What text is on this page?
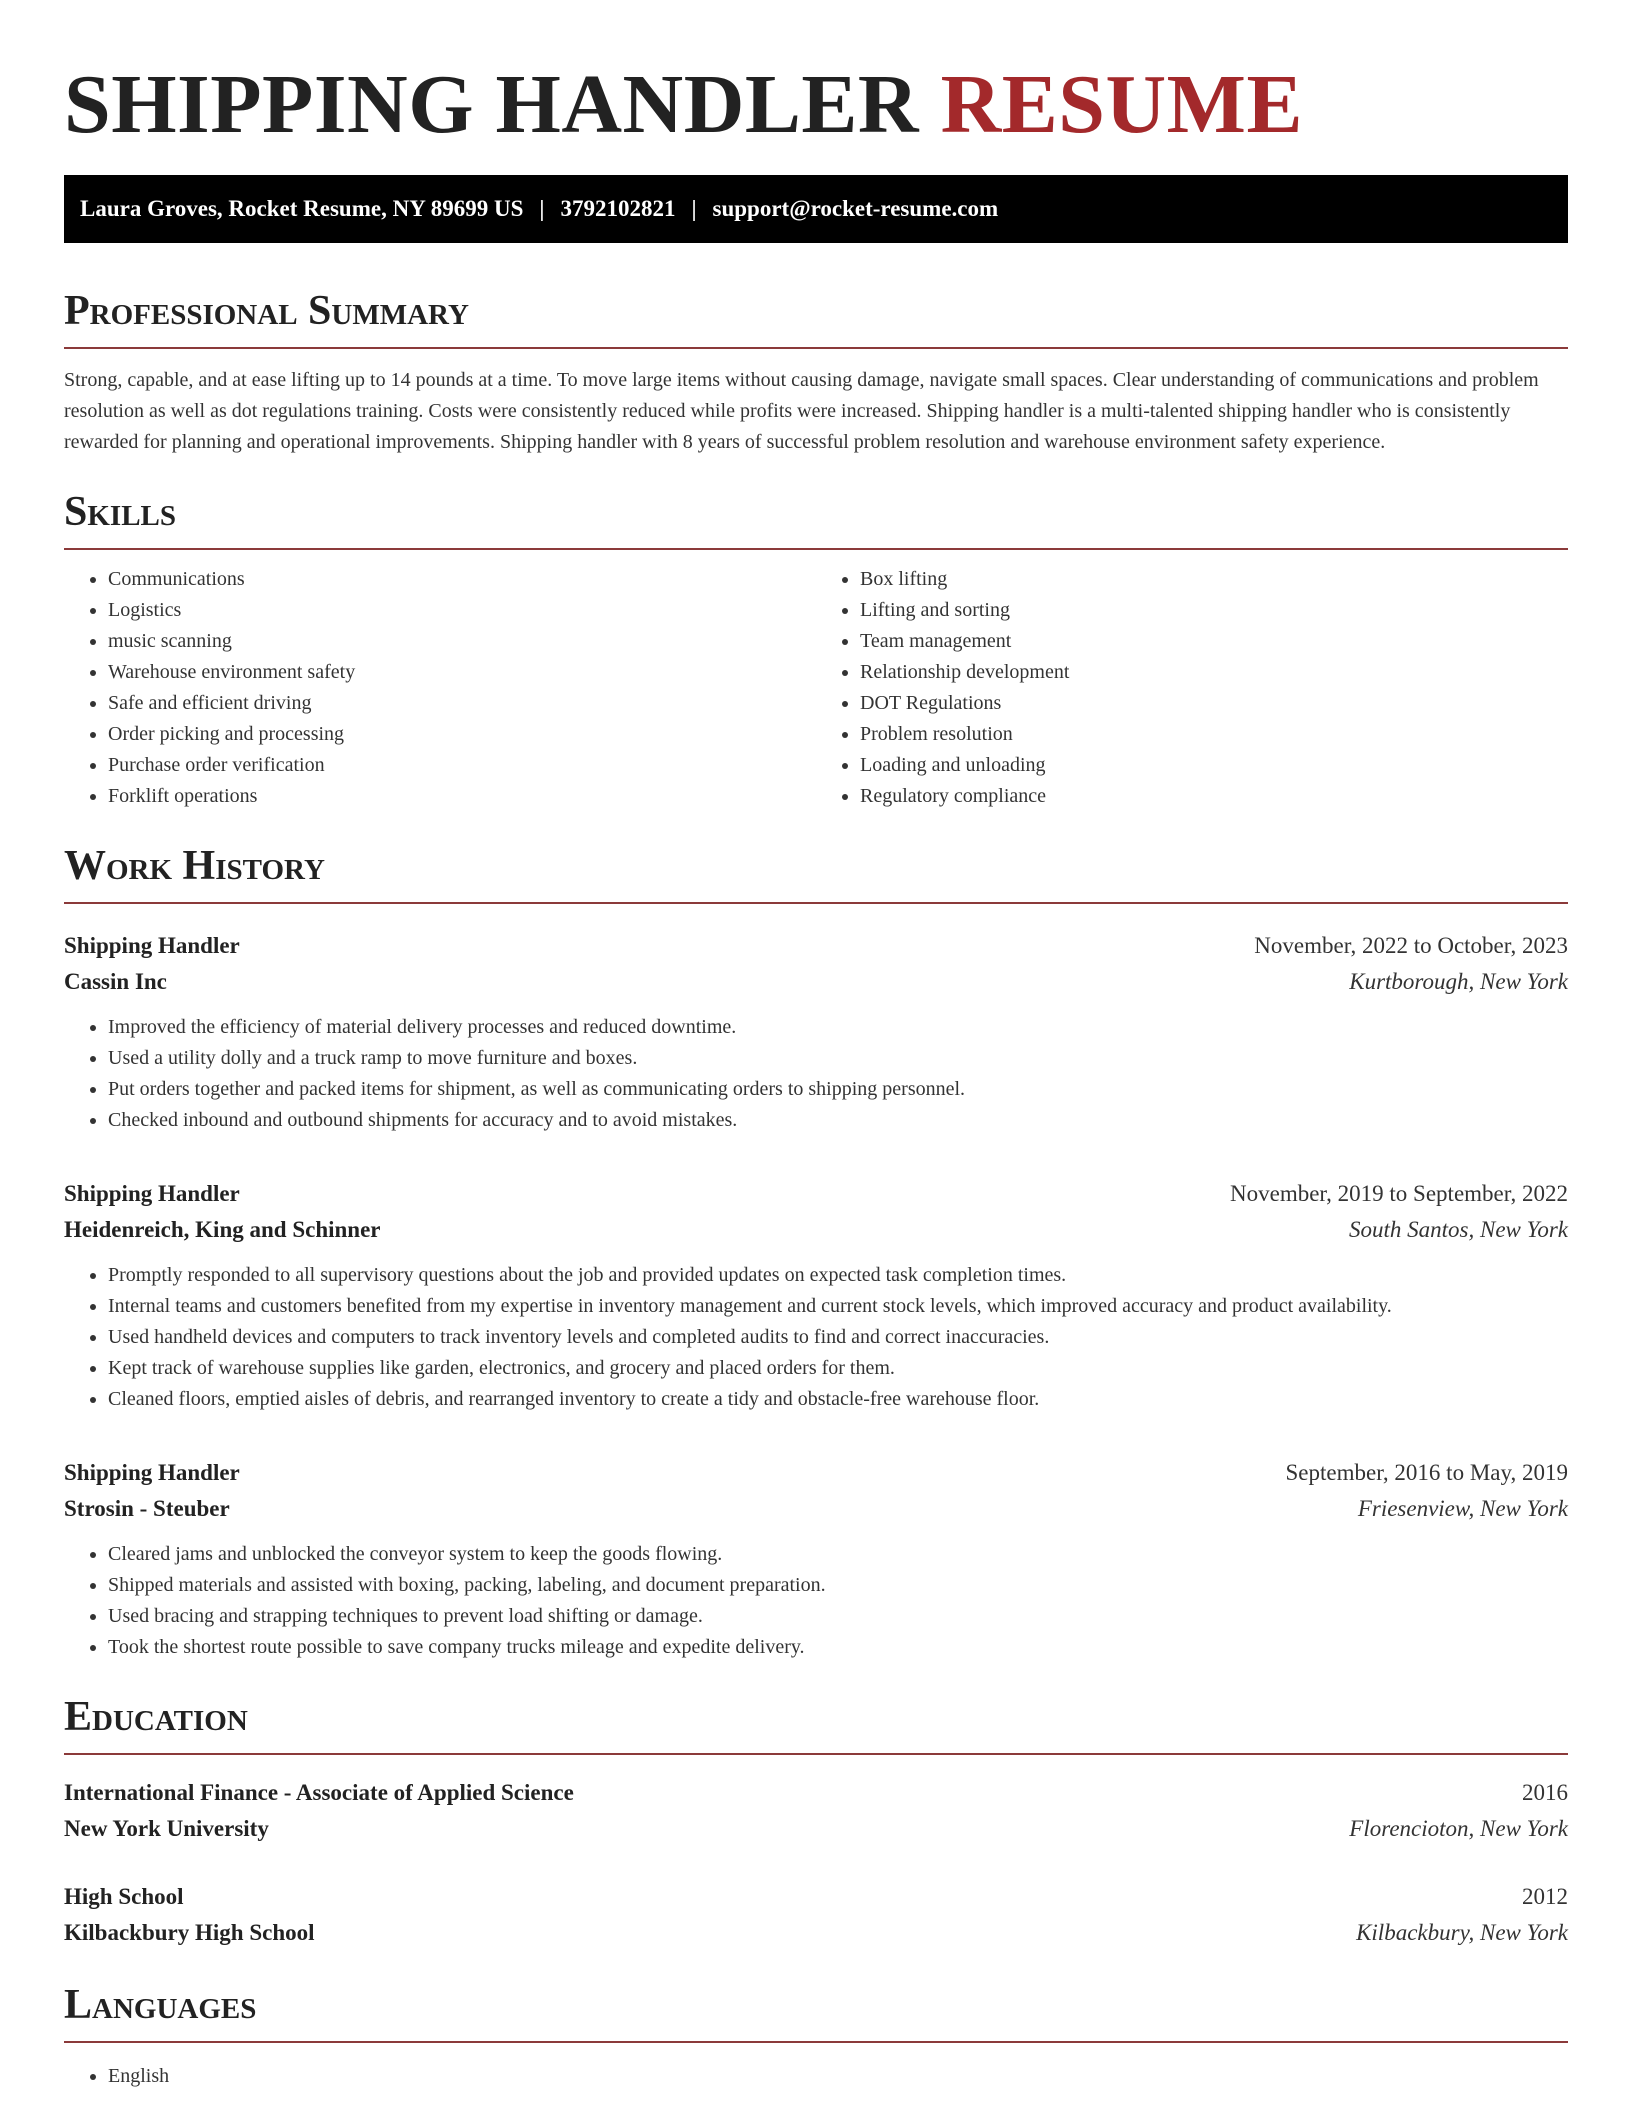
SHIPPING HANDLER RESUME
Laura Groves, Rocket Resume, NY 89699 US | 3792102821 | support@rocket-resume.com
Professional Summary

Strong, capable, and at ease lifting up to 14 pounds at a time. To move large items without causing damage, navigate small spaces. Clear understanding of communications and problem resolution as well as dot regulations training. Costs were consistently reduced while profits were increased. Shipping handler is a multi-talented shipping handler who is consistently rewarded for planning and operational improvements. Shipping handler with 8 years of successful problem resolution and warehouse environment safety experience.

Skills
• Communications
• Logistics
• music scanning
• Warehouse environment safety
• Safe and efficient driving
• Order picking and processing
• Purchase order verification
• Forklift operations
• Box lifting
• Lifting and sorting
• Team management
• Relationship development
• DOT Regulations
• Problem resolution
• Loading and unloading
• Regulatory compliance
Work History
Shipping Handler	November, 2022 to October, 2023
Cassin Inc	Kurtborough, New York
• Improved the efficiency of material delivery processes and reduced downtime.
• Used a utility dolly and a truck ramp to move furniture and boxes.
• Put orders together and packed items for shipment, as well as communicating orders to shipping personnel.
• Checked inbound and outbound shipments for accuracy and to avoid mistakes.
Shipping Handler	November, 2019 to September, 2022
Heidenreich, King and Schinner	South Santos, New York
• Promptly responded to all supervisory questions about the job and provided updates on expected task completion times.
• Internal teams and customers benefited from my expertise in inventory management and current stock levels, which improved accuracy and product availability.
• Used handheld devices and computers to track inventory levels and completed audits to find and correct inaccuracies.
• Kept track of warehouse supplies like garden, electronics, and grocery and placed orders for them.
• Cleaned floors, emptied aisles of debris, and rearranged inventory to create a tidy and obstacle-free warehouse floor.
Shipping Handler	September, 2016 to May, 2019
Strosin - Steuber	Friesenview, New York
• Cleared jams and unblocked the conveyor system to keep the goods flowing.
• Shipped materials and assisted with boxing, packing, labeling, and document preparation.
• Used bracing and strapping techniques to prevent load shifting or damage.
• Took the shortest route possible to save company trucks mileage and expedite delivery.
Education
International Finance - Associate of Applied Science	2016
New York University	Florencioton, New York
High School	2012
Kilbackbury High School	Kilbackbury, New York
Languages
• English
